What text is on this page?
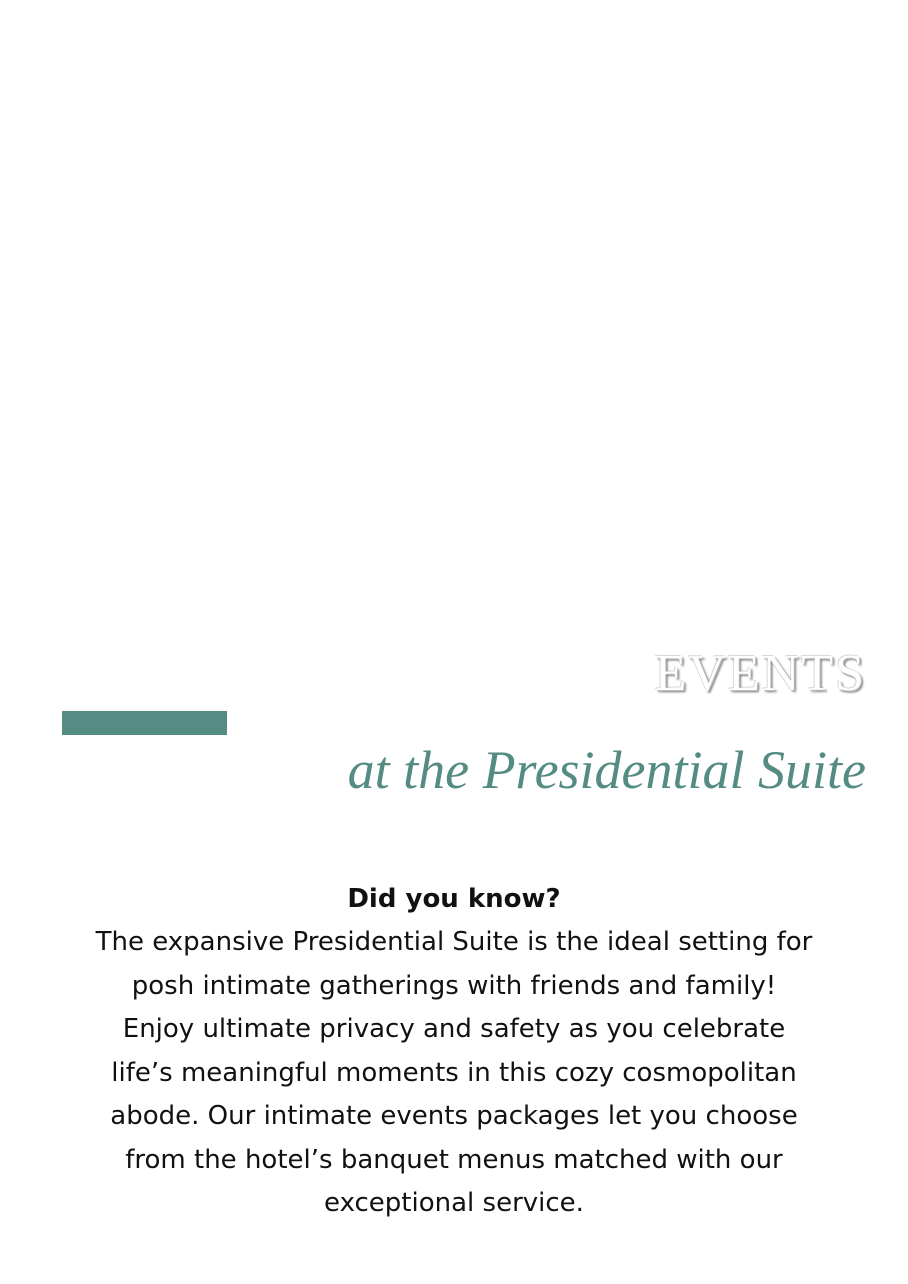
EVENTS
at the Presidential Suite

Did you know?

The expansive Presidential Suite is the ideal setting for
posh intimate gatherings with friends and family!
Enjoy ultimate privacy and safety as you celebrate
life’s meaningful moments in this cozy cosmopolitan
abode. Our intimate events packages let you choose
from the hotel’s banquet menus matched with our
exceptional service.
